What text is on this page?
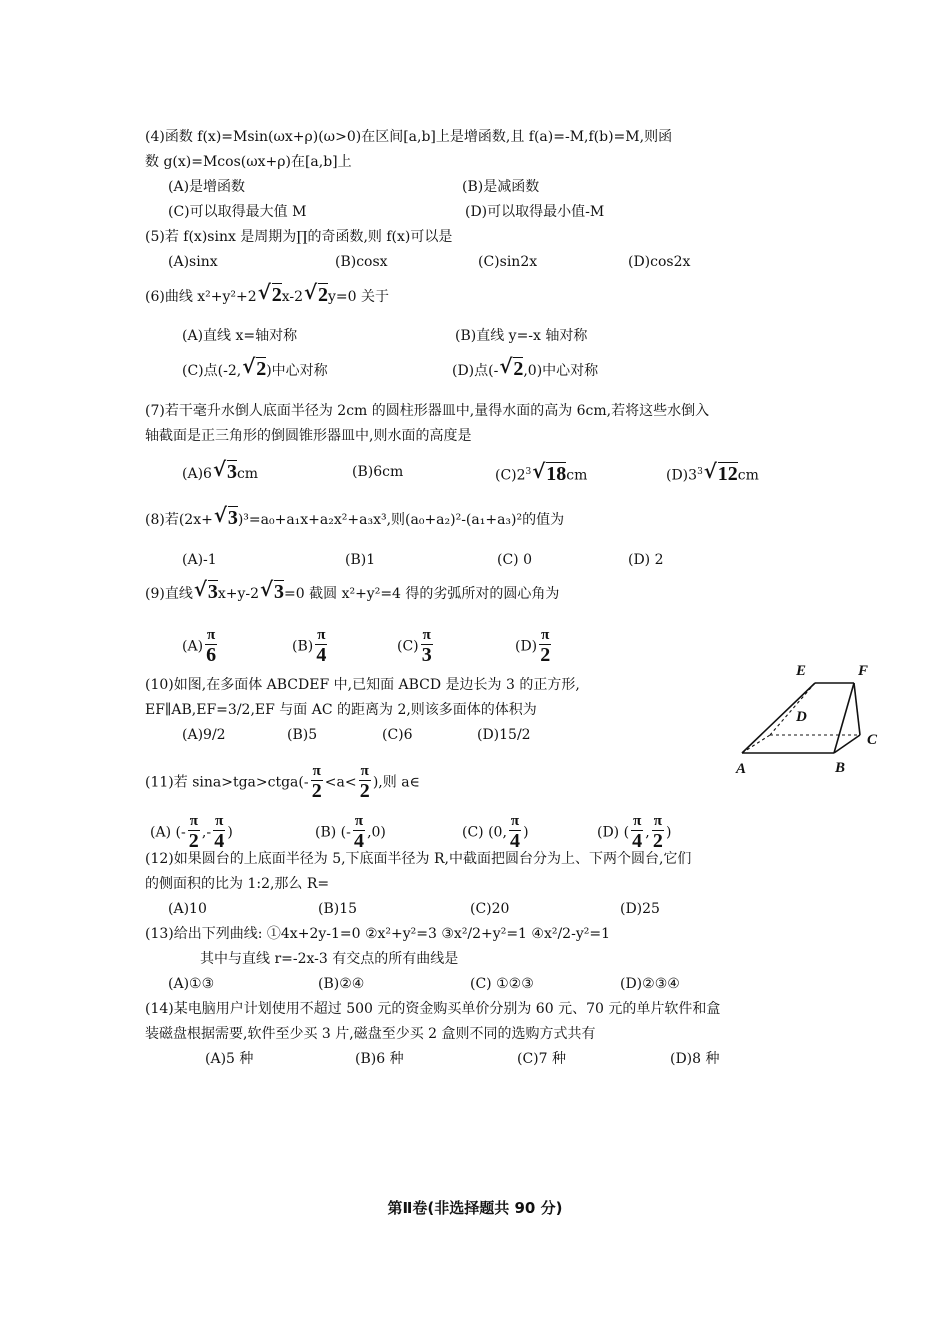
(4)函数 f(x)=Msin(ωx+ρ)(ω>0)在区间[a,b]上是增函数,且 f(a)=-M,f(b)=M,则函
数 g(x)=Mcos(ωx+ρ)在[a,b]上
(A)是增函数	(B)是减函数
(C)可以取得最大值 M	(D)可以取得最小值-M
(5)若 f(x)sinx 是周期为∏的奇函数,则 f(x)可以是
(A)sinx	(B)cosx	(C)sin2x	(D)cos2x
(6)曲线 x²+y²+2√ 2x-2√ 2y=0 关于
(A)直线 x=轴对称	(B)直线 y=-x 轴对称
(C)点(-2,√ 2)中心对称	(D)点(-√ 2,0)中心对称
(7)若干毫升水倒人底面半径为 2cm 的圆柱形器皿中,量得水面的高为 6cm,若将这些水倒入
轴截面是正三角形的倒圆锥形器皿中,则水面的高度是
(A)6√ 3cm	(B)6cm	$(C)2^3√$ 18cm	$(D)3^3√$ 12cm
(8)若(2x+√ 3)³=a₀+a₁x+a₂x²+a₃x³,则(a₀+a₂)²-(a₁+a₃)²的值为
(A)-1	(B)1	(C) 0	(D) 2
(9)直线√ 3x+y-2√ 3=0 截圆 x²+y²=4 得的劣弧所对的圆心角为
$(A) \frac{\pi}{6}$	$(B) \frac{\pi}{4}$	$(C) \frac{\pi}{3}$	$(D) \frac{\pi}{2}$
(10)如图,在多面体 ABCDEF 中,已知面 ABCD 是边长为 3 的正方形,
EF∥AB,EF=3/2,EF 与面 AC 的距离为 2,则该多面体的体积为
(A)9/2	(B)5	(C)6	(D)15/2
E	F
D
C
A	B
(11)若 sina>tga>ctga(- $\frac{\pi}{2} <a< \frac{\pi}{2}$ ),则 a∈
(A) (- $\frac{\pi}{2}$ ,- $\frac{\pi}{4}$ )	(B) (- $\frac{\pi}{4} ,0$)	(C) (0, $\frac{\pi}{4}$ )	(D) ( $\frac{\pi}{4}$ , $\frac{\pi}{2}$ )
(12)如果圆台的上底面半径为 5,下底面半径为 R,中截面把圆台分为上、下两个圆台,它们
的侧面积的比为 1:2,那么 R=
(A)10	(B)15	(C)20	(D)25
(13)给出下列曲线: ①4x+2y-1=0 ②x²+y²=3 ③x²/2+y²=1 ④x²/2-y²=1
其中与直线 r=-2x-3 有交点的所有曲线是
(A)①③	(B)②④	(C) ①②③	(D)②③④
(14)某电脑用户计划使用不超过 500 元的资金购买单价分别为 60 元、70 元的单片软件和盒
装磁盘根据需要,软件至少买 3 片,磁盘至少买 2 盒则不同的选购方式共有
(A)5 种	(B)6 种	(C)7 种	(D)8 种
第Ⅱ卷(非选择题共 90 分)
